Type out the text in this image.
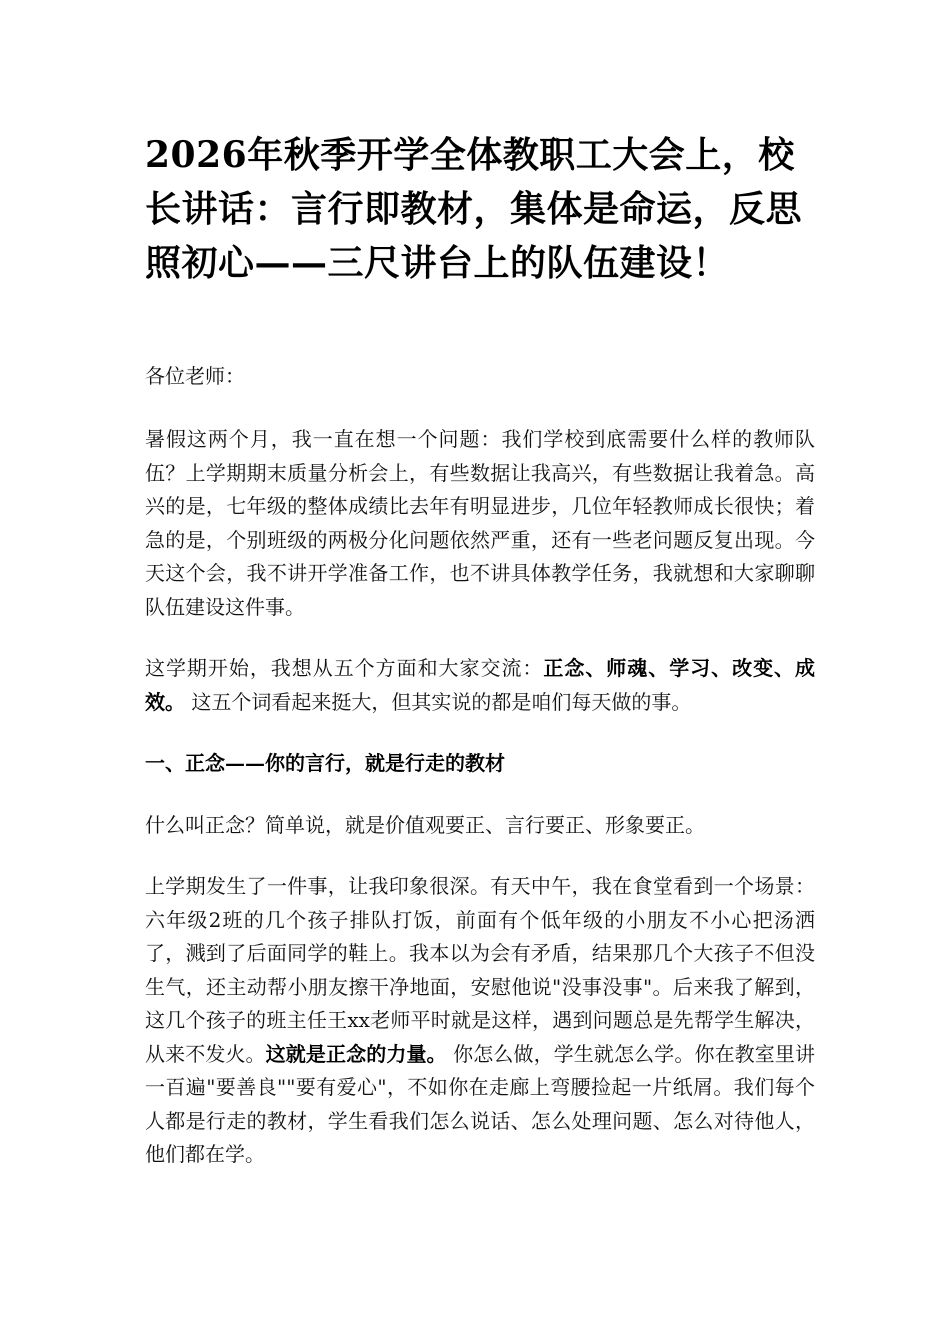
2026年秋季开学全体教职工大会上，校长讲话：言行即教材，集体是命运，反思照初心——三尺讲台上的队伍建设！

各位老师：

暑假这两个月，我一直在想一个问题：我们学校到底需要什么样的教师队伍？上学期期末质量分析会上，有些数据让我高兴，有些数据让我着急。高兴的是，七年级的整体成绩比去年有明显进步，几位年轻教师成长很快；着急的是，个别班级的两极分化问题依然严重，还有一些老问题反复出现。今天这个会，我不讲开学准备工作，也不讲具体教学任务，我就想和大家聊聊队伍建设这件事。

这学期开始，我想从五个方面和大家交流：正念、师魂、学习、改变、成效。 这五个词看起来挺大，但其实说的都是咱们每天做的事。

一、正念——你的言行，就是行走的教材

什么叫正念？简单说，就是价值观要正、言行要正、形象要正。

上学期发生了一件事，让我印象很深。有天中午，我在食堂看到一个场景：六年级2班的几个孩子排队打饭，前面有个低年级的小朋友不小心把汤洒了，溅到了后面同学的鞋上。我本以为会有矛盾，结果那几个大孩子不但没生气，还主动帮小朋友擦干净地面，安慰他说"没事没事"。后来我了解到，这几个孩子的班主任王xx老师平时就是这样，遇到问题总是先帮学生解决，从来不发火。这就是正念的力量。 你怎么做，学生就怎么学。你在教室里讲一百遍"要善良""要有爱心"，不如你在走廊上弯腰捡起一片纸屑。我们每个人都是行走的教材，学生看我们怎么说话、怎么处理问题、怎么对待他人，他们都在学。
